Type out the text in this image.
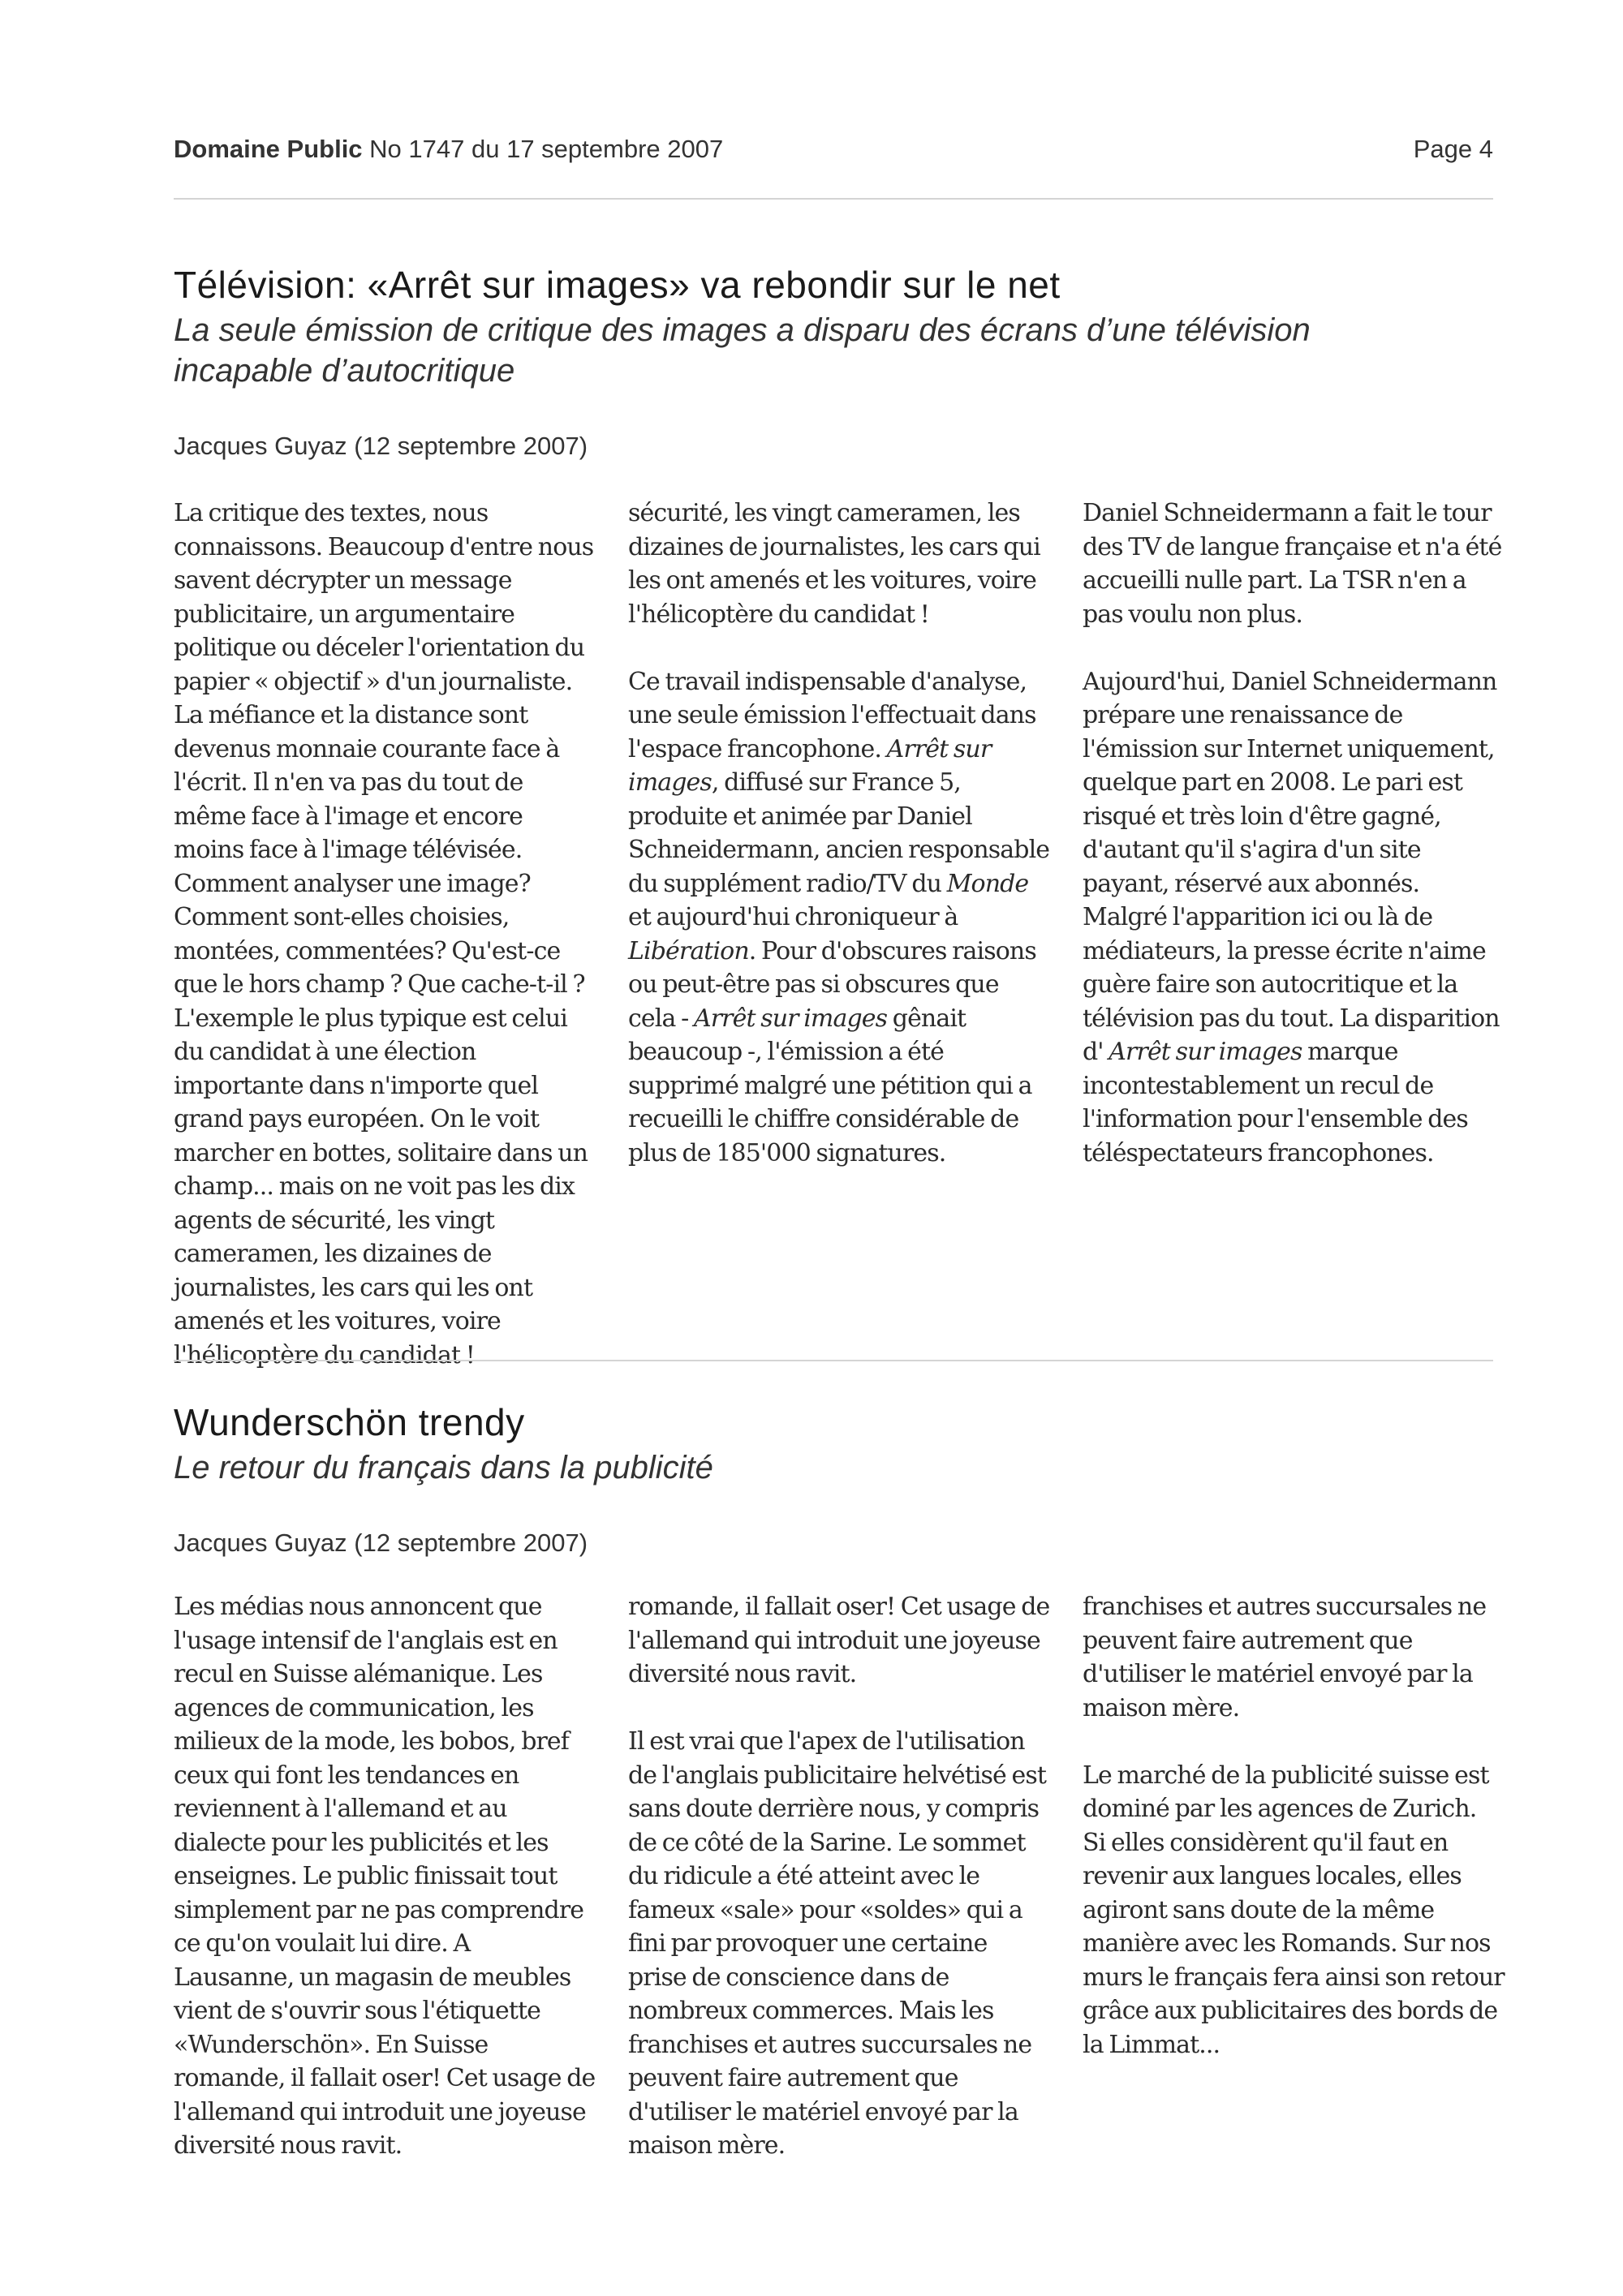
Domaine Public No 1747 du 17 septembre 2007	Page 4
Télévision: «Arrêt sur images» va rebondir sur le net

La seule émission de critique des images a disparu des écrans d’une télévision incapable d’autocritique

Jacques Guyaz (12 septembre 2007)

La critique des textes, nous connaissons. Beaucoup d'entre nous savent décrypter un message publicitaire, un argumentaire politique ou déceler l'orientation du papier « objectif » d'un journaliste. La méfiance et la distance sont devenus monnaie courante face à l'écrit. Il n'en va pas du tout de même face à l'image et encore moins face à l'image télévisée. Comment analyser une image? Comment sont-elles choisies, montées, commentées? Qu'est-ce que le hors champ ? Que cache-t-il ? L'exemple le plus typique est celui du candidat à une élection importante dans n'importe quel grand pays européen. On le voit marcher en bottes, solitaire dans un champ... mais on ne voit pas les dix agents de sécurité, les vingt cameramen, les dizaines de journalistes, les cars qui les ont amenés et les voitures, voire l'hélicoptère du candidat !

sécurité, les vingt cameramen, les dizaines de journalistes, les cars qui les ont amenés et les voitures, voire l'hélicoptère du candidat !

Ce travail indispensable d'analyse, une seule émission l'effectuait dans l'espace francophone. Arrêt sur images, diffusé sur France 5, produite et animée par Daniel Schneidermann, ancien responsable du supplément radio/TV du Monde et aujourd'hui chroniqueur à Libération. Pour d'obscures raisons ou peut-être pas si obscures que cela - Arrêt sur images gênait beaucoup -, l'émission a été supprimé malgré une pétition qui a recueilli le chiffre considérable de plus de 185'000 signatures.

Daniel Schneidermann a fait le tour des TV de langue française et n'a été accueilli nulle part. La TSR n'en a pas voulu non plus.

Aujourd'hui, Daniel Schneidermann prépare une renaissance de l'émission sur Internet uniquement, quelque part en 2008. Le pari est risqué et très loin d'être gagné, d'autant qu'il s'agira d'un site payant, réservé aux abonnés. Malgré l'apparition ici ou là de médiateurs, la presse écrite n'aime guère faire son autocritique et la télévision pas du tout. La disparition d' Arrêt sur images marque incontestablement un recul de l'information pour l'ensemble des téléspectateurs francophones.

Wunderschön trendy

Le retour du français dans la publicité

Jacques Guyaz (12 septembre 2007)

Les médias nous annoncent que l'usage intensif de l'anglais est en recul en Suisse alémanique. Les agences de communication, les milieux de la mode, les bobos, bref ceux qui font les tendances en reviennent à l'allemand et au dialecte pour les publicités et les enseignes. Le public finissait tout simplement par ne pas comprendre ce qu'on voulait lui dire. A Lausanne, un magasin de meubles vient de s'ouvrir sous l'étiquette «Wunderschön». En Suisse romande, il fallait oser! Cet usage de l'allemand qui introduit une joyeuse diversité nous ravit.

romande, il fallait oser! Cet usage de l'allemand qui introduit une joyeuse diversité nous ravit.

Il est vrai que l'apex de l'utilisation de l'anglais publicitaire helvétisé est sans doute derrière nous, y compris de ce côté de la Sarine. Le sommet du ridicule a été atteint avec le fameux «sale» pour «soldes» qui a fini par provoquer une certaine prise de conscience dans de nombreux commerces. Mais les franchises et autres succursales ne peuvent faire autrement que d'utiliser le matériel envoyé par la maison mère.

franchises et autres succursales ne peuvent faire autrement que d'utiliser le matériel envoyé par la maison mère.

Le marché de la publicité suisse est dominé par les agences de Zurich. Si elles considèrent qu'il faut en revenir aux langues locales, elles agiront sans doute de la même manière avec les Romands. Sur nos murs le français fera ainsi son retour grâce aux publicitaires des bords de la Limmat...
